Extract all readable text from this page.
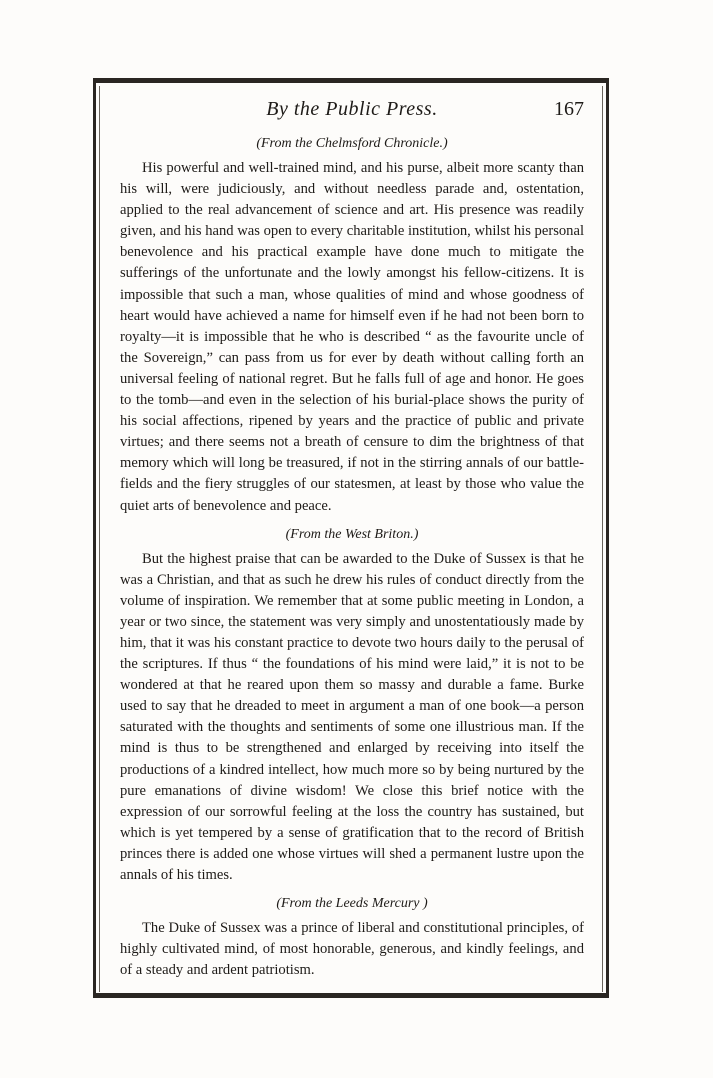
By the Public Press.	167
(From the Chelmsford Chronicle.)

His powerful and well-trained mind, and his purse, albeit more scanty than his will, were judiciously, and without needless parade and, ostentation, applied to the real advancement of science and art. His presence was readily given, and his hand was open to every charitable institution, whilst his personal benevolence and his practical example have done much to mitigate the sufferings of the unfortunate and the lowly amongst his fellow-citizens. It is impossible that such a man, whose qualities of mind and whose goodness of heart would have achieved a name for himself even if he had not been born to royalty—it is impossible that he who is described “ as the favourite uncle of the Sovereign,” can pass from us for ever by death without calling forth an universal feeling of national regret. But he falls full of age and honor. He goes to the tomb—and even in the selection of his burial-place shows the purity of his social affections, ripened by years and the practice of public and private virtues; and there seems not a breath of censure to dim the brightness of that memory which will long be treasured, if not in the stirring annals of our battle-fields and the fiery struggles of our statesmen, at least by those who value the quiet arts of benevolence and peace.

(From the West Briton.)

But the highest praise that can be awarded to the Duke of Sussex is that he was a Christian, and that as such he drew his rules of conduct directly from the volume of inspiration. We remember that at some public meeting in London, a year or two since, the statement was very simply and unostentatiously made by him, that it was his constant practice to devote two hours daily to the perusal of the scriptures. If thus “ the foundations of his mind were laid,” it is not to be wondered at that he reared upon them so massy and durable a fame. Burke used to say that he dreaded to meet in argument a man of one book—a person saturated with the thoughts and sentiments of some one illustrious man. If the mind is thus to be strengthened and enlarged by receiving into itself the productions of a kindred intellect, how much more so by being nurtured by the pure emanations of divine wisdom! We close this brief notice with the expression of our sorrowful feeling at the loss the country has sustained, but which is yet tempered by a sense of gratification that to the record of British princes there is added one whose virtues will shed a permanent lustre upon the annals of his times.

(From the Leeds Mercury )

The Duke of Sussex was a prince of liberal and constitutional principles, of highly cultivated mind, of most honorable, generous, and kindly feelings, and of a steady and ardent patriotism.
